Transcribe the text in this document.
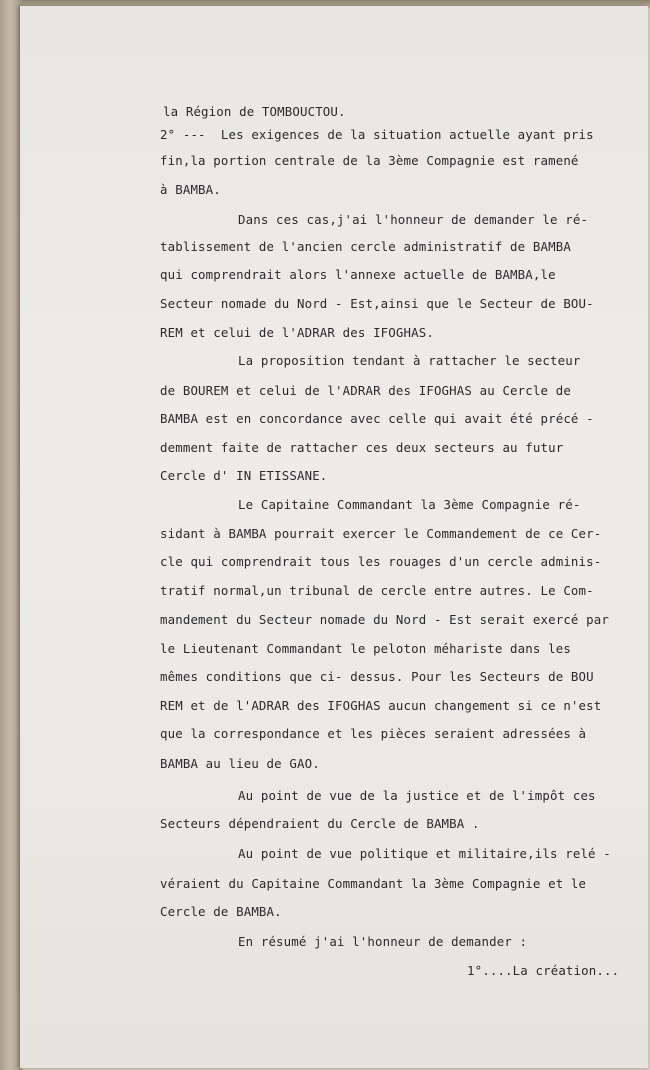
la Région de TOMBOUCTOU.
2° ---  Les exigences de la situation actuelle ayant pris
fin,la portion centrale de la 3ème Compagnie est ramené
à BAMBA.
Dans ces cas,j'ai l'honneur de demander le ré-
tablissement de l'ancien cercle administratif de BAMBA
qui comprendrait alors l'annexe actuelle de BAMBA,le
Secteur nomade du Nord - Est,ainsi que le Secteur de BOU-
REM et celui de l'ADRAR des IFOGHAS.
La proposition tendant à rattacher le secteur
de BOUREM et celui de l'ADRAR des IFOGHAS au Cercle de
BAMBA est en concordance avec celle qui avait été précé -
demment faite de rattacher ces deux secteurs au futur
Cercle d' IN ETISSANE.
Le Capitaine Commandant la 3ème Compagnie ré-
sidant à BAMBA pourrait exercer le Commandement de ce Cer-
cle qui comprendrait tous les rouages d'un cercle adminis-
tratif normal,un tribunal de cercle entre autres. Le Com-
mandement du Secteur nomade du Nord - Est serait exercé par
le Lieutenant Commandant le peloton méhariste dans les
mêmes conditions que ci- dessus. Pour les Secteurs de BOU
REM et de l'ADRAR des IFOGHAS aucun changement si ce n'est
que la correspondance et les pièces seraient adressées à
BAMBA au lieu de GAO.
Au point de vue de la justice et de l'impôt ces
Secteurs dépendraient du Cercle de BAMBA .
Au point de vue politique et militaire,ils relé -
véraient du Capitaine Commandant la 3ème Compagnie et le
Cercle de BAMBA.
En résumé j'ai l'honneur de demander :
1°....La création...
